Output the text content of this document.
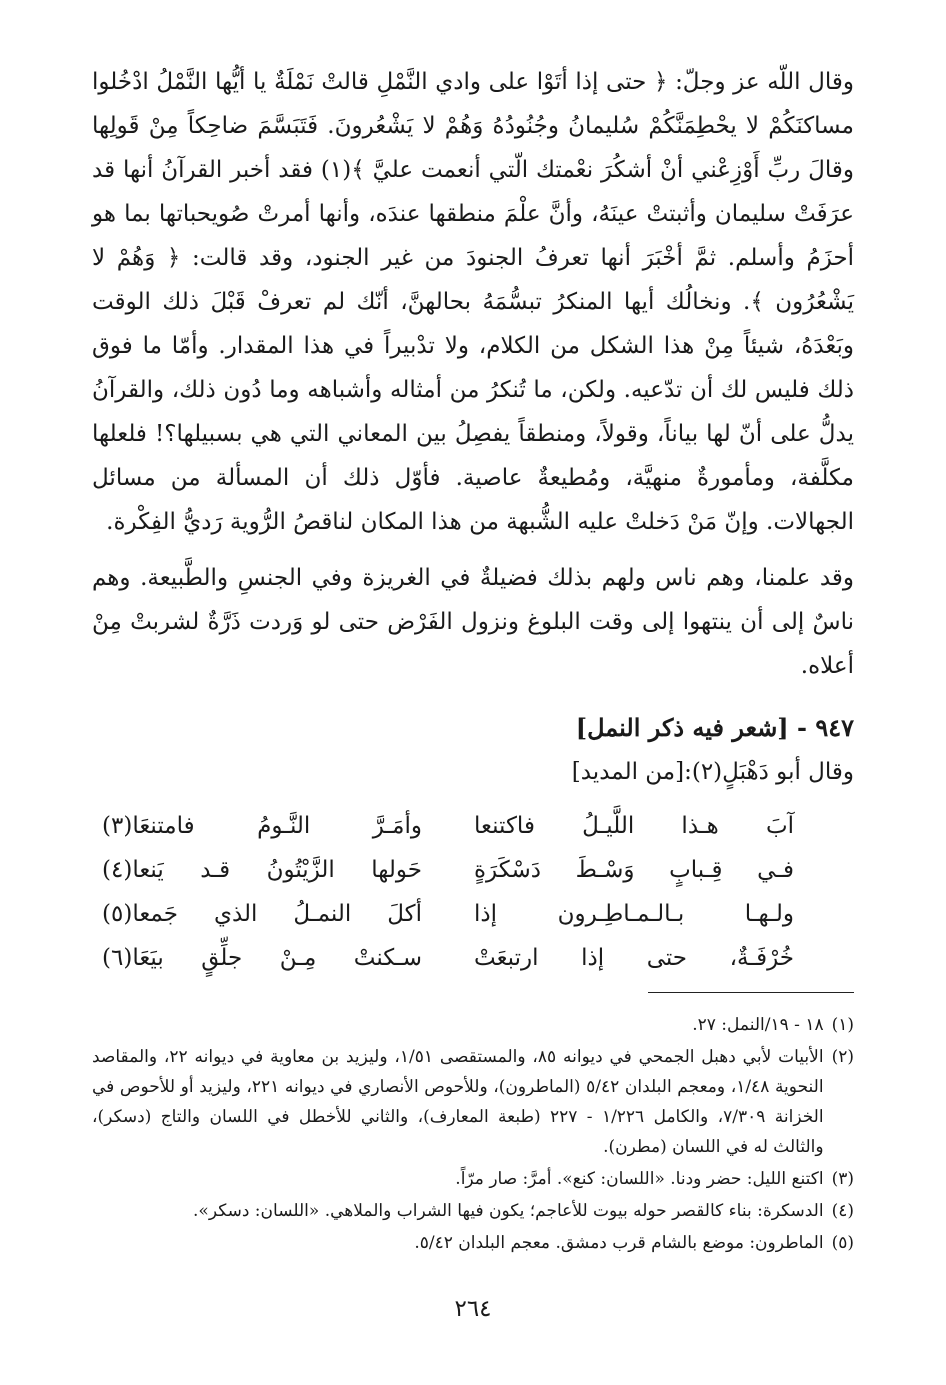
وقال اللّه عز وجلّ: ﴿ حتى إذا أتَوْا على وادي النَّمْلِ قالتْ نَمْلَةٌ يا أيُّها النَّمْلُ ادْخُلوا مساكنَكُمْ لا يحْطِمَنَّكُمْ سُليمانُ وجُنُودُهُ وَهُمْ لا يَشْعُرونَ. فَتَبَسَّمَ ضاحِكاً مِنْ قَولِها وقالَ ربِّ أَوْزِعْني أنْ أشكُرَ نعْمتك الّتي أنعمت عليَّ ﴾(١) فقد أخبر القرآنُ أنها قد عرَفَتْ سليمان وأثبتتْ عينَهُ، وأنَّ علْمَ منطقها عندَه، وأنها أمرتْ صُويحباتها بما هو أحزَمُ وأسلم. ثمَّ أخْبَرَ أنها تعرفُ الجنودَ من غير الجنود، وقد قالت: ﴿ وَهُمْ لا يَشْعُرُون ﴾. ونخالُك أيها المنكرُ تبسُّمَهُ بحالهنَّ، أنّك لم تعرفْ قَبْلَ ذلك الوقت وبَعْدَهُ، شيئاً مِنْ هذا الشكل من الكلام، ولا تدْبيراً في هذا المقدار. وأمّا ما فوق ذلك فليس لك أن تدّعيه. ولكن، ما تُنكرُ من أمثاله وأشباهه وما دُون ذلك، والقرآنُ يدلُّ على أنّ لها بياناً، وقولاً، ومنطقاً يفصِلُ بين المعاني التي هي بسبيلها؟! فلعلها مكلَّفة، ومأمورةٌ منهيَّة، ومُطيعةٌ عاصية. فأوّل ذلك أن المسألة من مسائل الجهالات. وإنّ مَنْ دَخلتْ عليه الشُّبهة من هذا المكان لناقصُ الرُّوية رَديُّ الفِكْرة.

وقد علمنا، وهم ناس ولهم بذلك فضيلةٌ في الغريزة وفي الجنسِ والطَّبيعة. وهم ناسٌ إلى أن ينتهوا إلى وقت البلوغ ونزول الفَرْض حتى لو وَردت ذَرَّةٌ لشربتْ مِنْ أعلاه.

٩٤٧ - [شعر فيه ذكر النمل]
وقال أبو دَهْبَلٍ(٢):[من المديد]
آبَ هـذا اللَّيـلُ فاكتنعا
وأمَـرَّ النَّـومُ فامتنعَا(٣)
فـي قِـبابٍ وَسْـطَ دَسْكَرَةٍ
حَولها الزَّيْتُونُ قـد يَنعا(٤)
ولـهـا بـالـمـاطِـرون إذا
أكلَ النمـلُ الذي جَمعا(٥)
خُرْفَـةٌ، حتى إذا ارتبعَتْ
سـكنتْ مِـنْ جلِّقٍ بيَعَا(٦)
(١)
١٨ - ١٩/النمل: ٢٧.
(٢)
الأبيات لأبي دهبل الجمحي في ديوانه ٨٥، والمستقصى ١/٥١، وليزيد بن معاوية في ديوانه ٢٢، والمقاصد النحوية ١/٤٨، ومعجم البلدان ٥/٤٢ (الماطرون)، وللأحوص الأنصاري في ديوانه ٢٢١، وليزيد أو للأحوص في الخزانة ٧/٣٠٩، والكامل ١/٢٢٦ - ٢٢٧ (طبعة المعارف)، والثاني للأخطل في اللسان والتاج (دسكر)، والثالث له في اللسان (مطرن).
(٣)
اكتنع الليل: حضر ودنا. «اللسان: كنع». أمرَّ: صار مرّاً.
(٤)
الدسكرة: بناء كالقصر حوله بيوت للأعاجم؛ يكون فيها الشراب والملاهي. «اللسان: دسكر».
(٥)
الماطرون: موضع بالشام قرب دمشق. معجم البلدان ٥/٤٢.
٢٦٤
